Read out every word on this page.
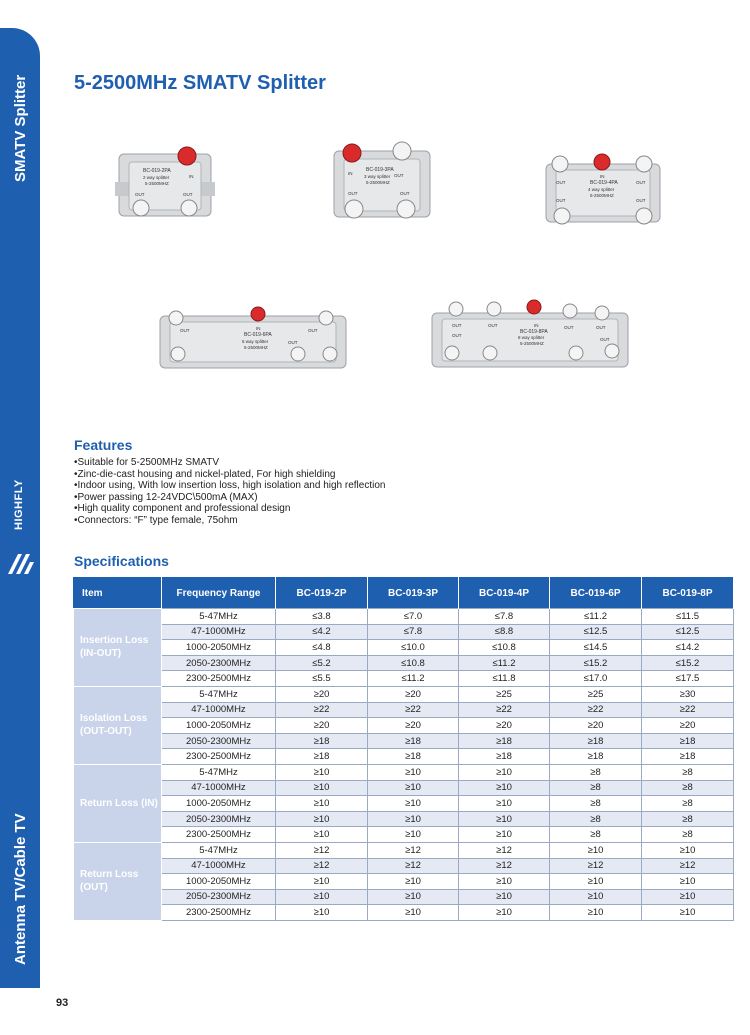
SMATV Splitter
HIGHFLY
Antenna TV/Cable TV
93
5-2500MHz SMATV Splitter
BC-019-2PA
2 way splitter
5-2500MHZ
IN
OUT	OUT
BC-019-3PA
3 way splitter
5-2500MHZ
IN	OUT
OUT	OUT
BC-019-4PA
4 way splitter
5-2500MHZ
IN
OUT	OUT
OUT	OUT
BC-019-6PA
6 way splitter
5-2500MHZ
IN
OUT	OUT
OUT
BC-019-8PA
8 way splitter
5-2500MHZ
IN
OUT	OUT
OUT
OUT	OUT
OUT
Features
• Suitable for 5-2500MHz SMATV
• Zinc-die-cast housing and nickel-plated, For high shielding
• Indoor using, With low insertion loss, high isolation and high reflection
• Power passing 12-24VDC\500mA (MAX)
• High quality component and professional design
• Connectors: “F” type female, 75ohm
Specifications
Item	Frequency Range	BC-019-2P	BC-019-3P	BC-019-4P	BC-019-6P	BC-019-8P
Insertion Loss (IN-OUT)	5-47MHz	≤3.8	≤7.0	≤7.8	≤11.2	≤11.5
	47-1000MHz	≤4.2	≤7.8	≤8.8	≤12.5	≤12.5
	1000-2050MHz	≤4.8	≤10.0	≤10.8	≤14.5	≤14.2
	2050-2300MHz	≤5.2	≤10.8	≤11.2	≤15.2	≤15.2
	2300-2500MHz	≤5.5	≤11.2	≤11.8	≤17.0	≤17.5
Isolation Loss (OUT-OUT)	5-47MHz	≥20	≥20	≥25	≥25	≥30
	47-1000MHz	≥22	≥22	≥22	≥22	≥22
	1000-2050MHz	≥20	≥20	≥20	≥20	≥20
	2050-2300MHz	≥18	≥18	≥18	≥18	≥18
	2300-2500MHz	≥18	≥18	≥18	≥18	≥18
Return Loss (IN)	5-47MHz	≥10	≥10	≥10	≥8	≥8
	47-1000MHz	≥10	≥10	≥10	≥8	≥8
	1000-2050MHz	≥10	≥10	≥10	≥8	≥8
	2050-2300MHz	≥10	≥10	≥10	≥8	≥8
	2300-2500MHz	≥10	≥10	≥10	≥8	≥8
Return Loss (OUT)	5-47MHz	≥12	≥12	≥12	≥10	≥10
	47-1000MHz	≥12	≥12	≥12	≥12	≥12
	1000-2050MHz	≥10	≥10	≥10	≥10	≥10
	2050-2300MHz	≥10	≥10	≥10	≥10	≥10
	2300-2500MHz	≥10	≥10	≥10	≥10	≥10
